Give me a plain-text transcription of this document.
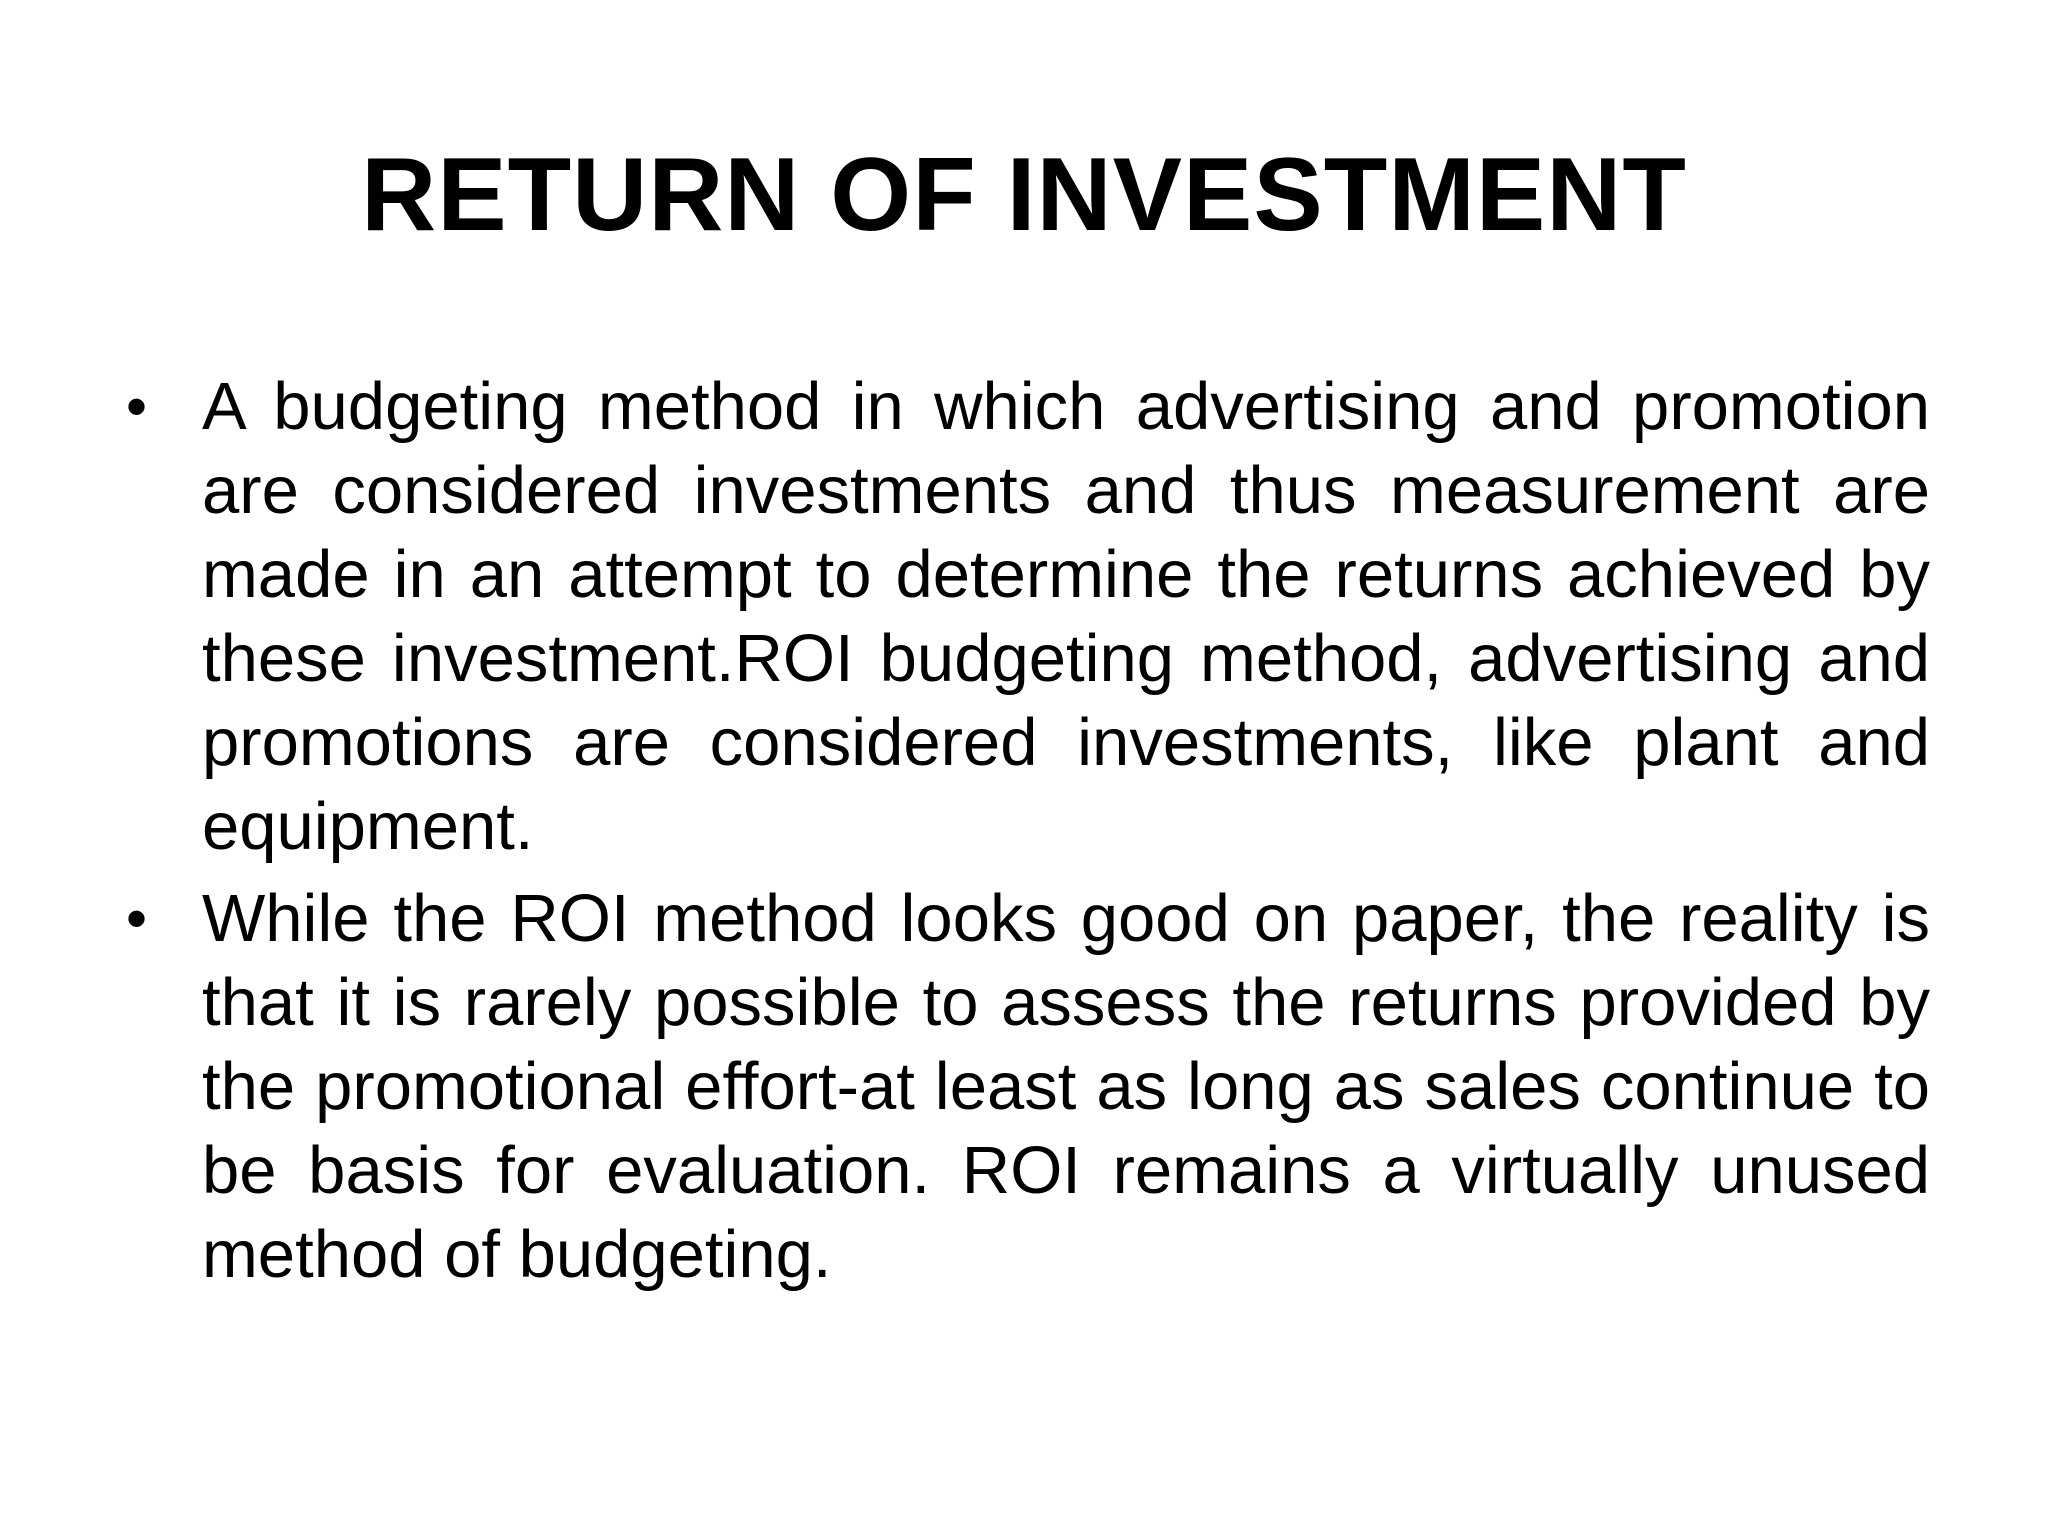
RETURN OF INVESTMENT
• A budgeting method in which advertising and promotion are considered investments and thus measurement are made in an attempt to determine the returns achieved by these investment.ROI budgeting method, advertising and promotions are considered investments, like plant and equipment.
• While the ROI method looks good on paper, the reality is that it is rarely possible to assess the returns provided by the promotional effort-at least as long as sales continue to be basis for evaluation. ROI remains a virtually unused method of budgeting.
